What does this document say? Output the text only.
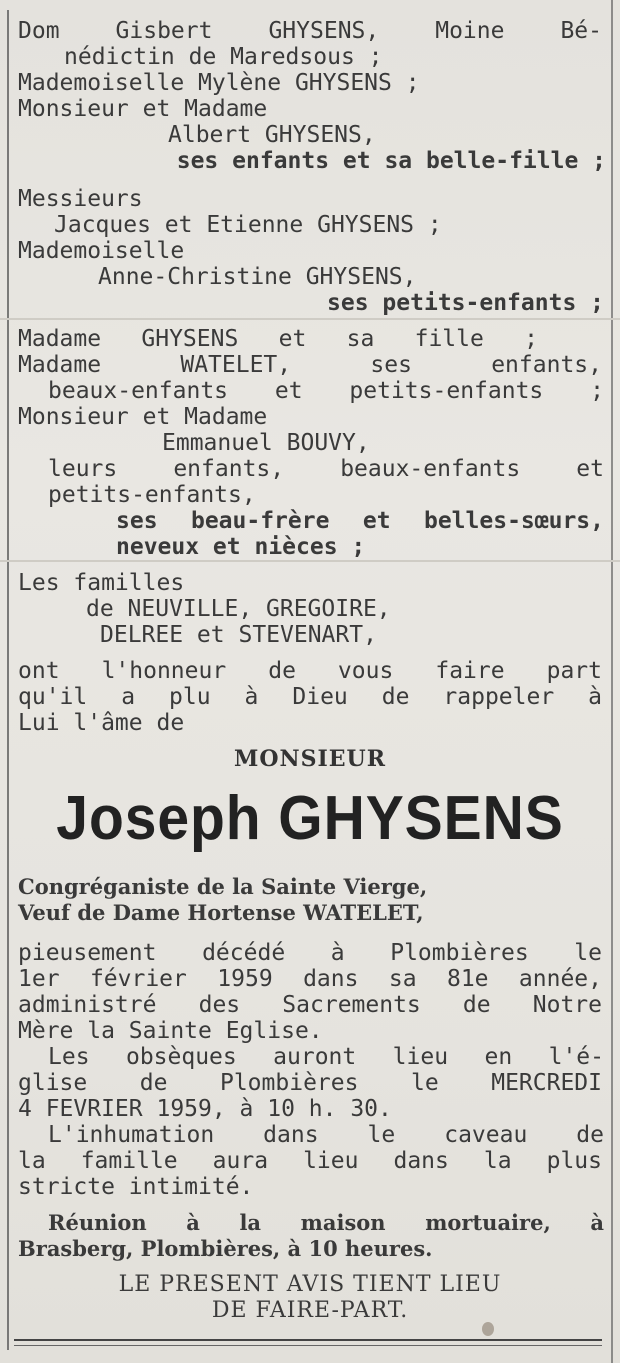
Dom Gisbert GHYSENS, Moine Bé-
nédictin de Maredsous ;
Mademoiselle Mylène GHYSENS ;
Monsieur et Madame
Albert GHYSENS,
ses enfants et sa belle-fille ;
Messieurs
Jacques et Etienne GHYSENS ;
Mademoiselle
Anne-Christine GHYSENS,
ses petits-enfants ;
Madame GHYSENS et sa fille ;
Madame WATELET, ses enfants,
beaux-enfants et petits-enfants ;
Monsieur et Madame
Emmanuel BOUVY,
leurs enfants, beaux-enfants et
petits-enfants,
ses beau-frère et belles-sœurs,
neveux et nièces ;
Les familles
de NEUVILLE, GREGOIRE,
DELREE et STEVENART,
ont l'honneur de vous faire part
qu'il a plu à Dieu de rappeler à
Lui l'âme de
MONSIEUR
Joseph GHYSENS
Congréganiste de la Sainte Vierge,
Veuf de Dame Hortense WATELET,
pieusement décédé à Plombières le
1er février 1959 dans sa 81e année,
administré des Sacrements de Notre
Mère la Sainte Eglise.
Les obsèques auront lieu en l'é-
glise de Plombières le MERCREDI
4 FEVRIER 1959, à 10 h. 30.
L'inhumation dans le caveau de
la famille aura lieu dans la plus
stricte intimité.
Réunion à la maison mortuaire, à
Brasberg, Plombières, à 10 heures.
LE PRESENT AVIS TIENT LIEU
DE FAIRE-PART.
